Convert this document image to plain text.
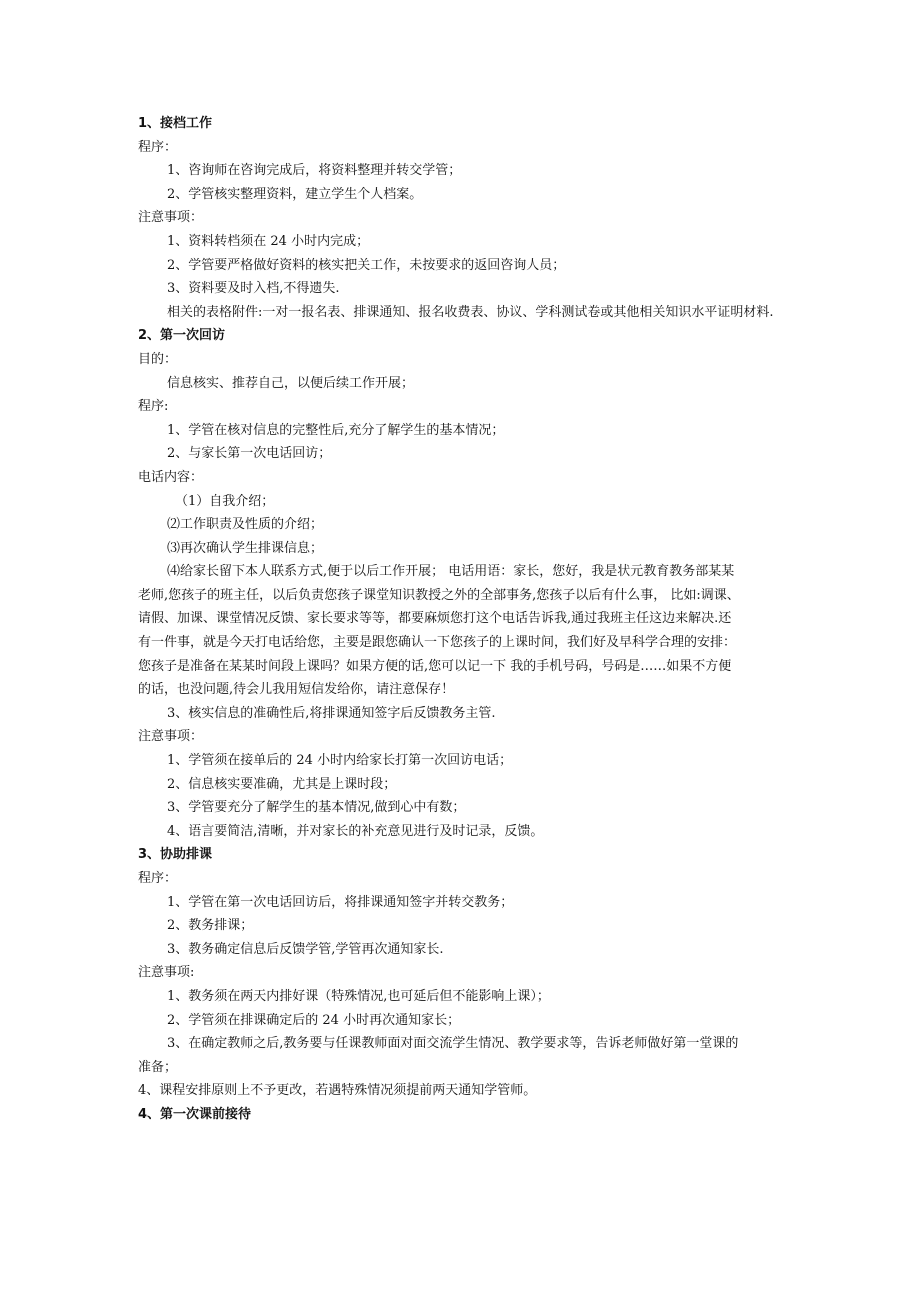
1、接档工作

程序：

1、咨询师在咨询完成后，将资料整理并转交学管；

2、学管核实整理资料，建立学生个人档案。

注意事项：

1、资料转档须在 24 小时内完成；

2、学管要严格做好资料的核实把关工作，未按要求的返回咨询人员；

3、资料要及时入档,不得遗失.

相关的表格附件:一对一报名表、排课通知、报名收费表、协议、学科测试卷或其他相关知识水平证明材料.

2、第一次回访

目的：

信息核实、推荐自己，以便后续工作开展；

程序:

1、学管在核对信息的完整性后,充分了解学生的基本情况；

2、与家长第一次电话回访；

电话内容：

（1）自我介绍；

⑵工作职责及性质的介绍；

⑶再次确认学生排课信息；

⑷给家长留下本人联系方式,便于以后工作开展； 电话用语：家长，您好，我是状元教育教务部某某

老师,您孩子的班主任，以后负责您孩子课堂知识教授之外的全部事务,您孩子以后有什么事， 比如:调课、

请假、加课、课堂情况反馈、家长要求等等，都要麻烦您打这个电话告诉我,通过我班主任这边来解决.还

有一件事，就是今天打电话给您，主要是跟您确认一下您孩子的上课时间，我们好及早科学合理的安排：

您孩子是准备在某某时间段上课吗？如果方便的话,您可以记一下 我的手机号码，号码是……如果不方便

的话，也没问题,待会儿我用短信发给你，请注意保存！

3、核实信息的准确性后,将排课通知签字后反馈教务主管.

注意事项：

1、学管须在接单后的 24 小时内给家长打第一次回访电话；

2、信息核实要准确，尤其是上课时段；

3、学管要充分了解学生的基本情况,做到心中有数；

4、语言要简洁,清晰，并对家长的补充意见进行及时记录，反馈。

3、协助排课

程序：

1、学管在第一次电话回访后，将排课通知签字并转交教务；

2、教务排课；

3、教务确定信息后反馈学管,学管再次通知家长.

注意事项:

1、教务须在两天内排好课（特殊情况,也可延后但不能影响上课）；

2、学管须在排课确定后的 24 小时再次通知家长；

3、在确定教师之后,教务要与任课教师面对面交流学生情况、教学要求等，告诉老师做好第一堂课的

准备；

4、课程安排原则上不予更改，若遇特殊情况须提前两天通知学管师。

4、第一次课前接待
